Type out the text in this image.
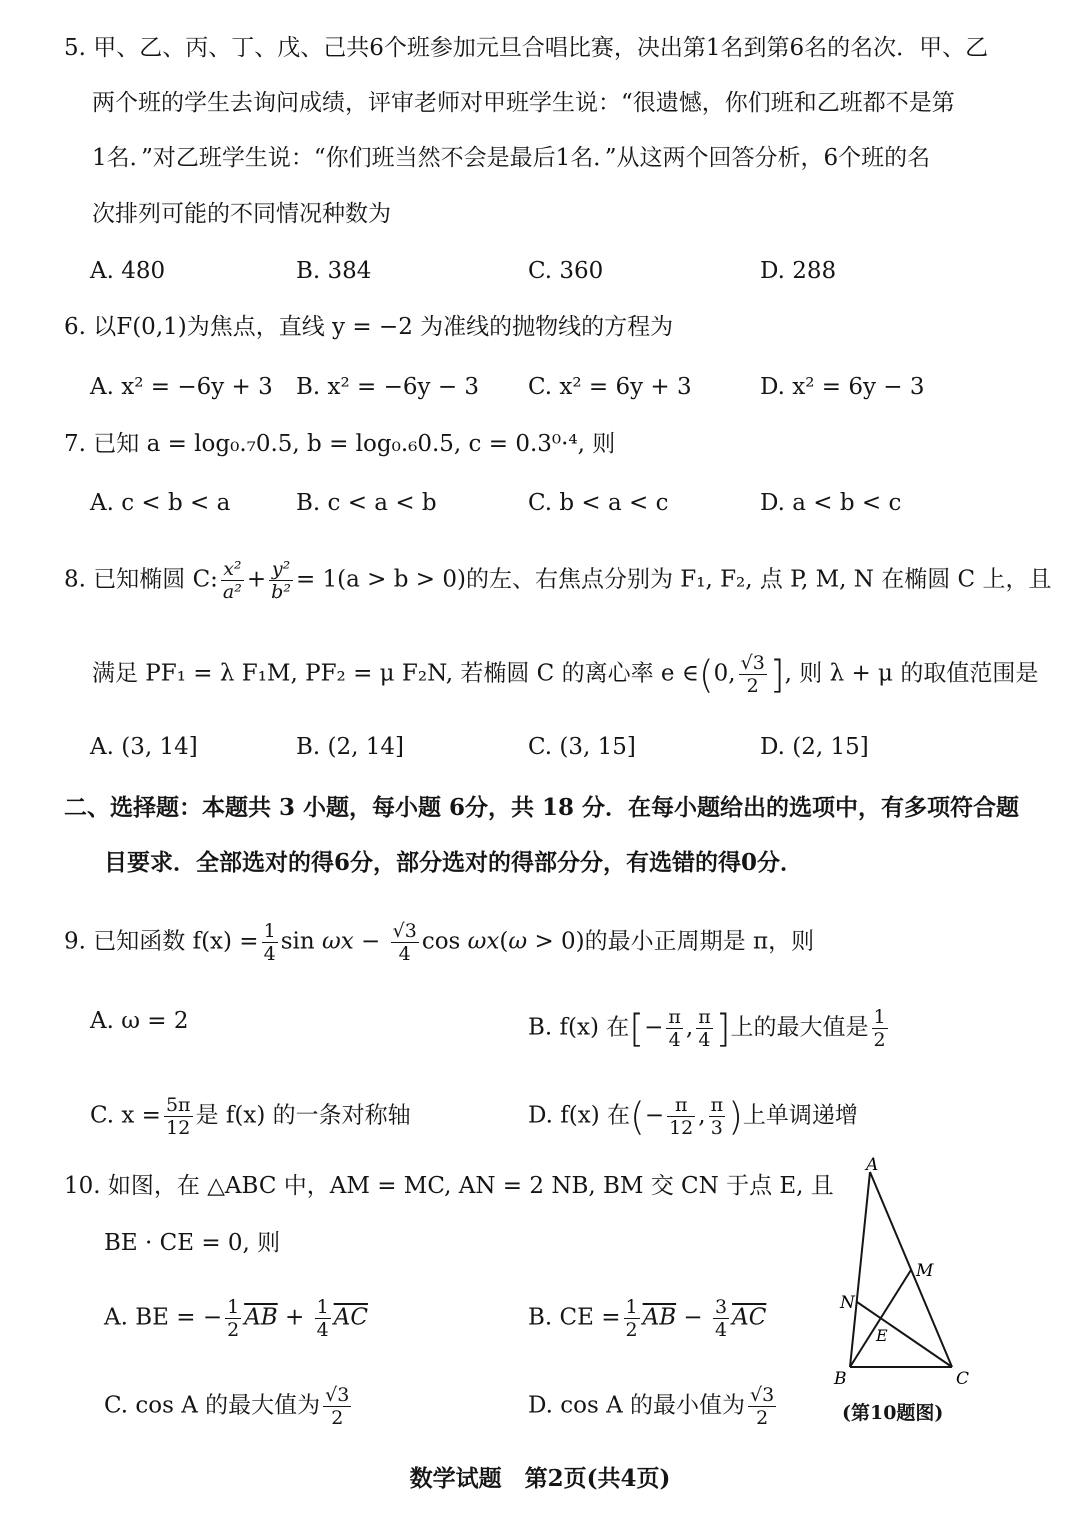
5. 甲、乙、丙、丁、戊、己共6个班参加元旦合唱比赛，决出第1名到第6名的名次．甲、乙
两个班的学生去询问成绩，评审老师对甲班学生说：“很遗憾，你们班和乙班都不是第
1名．”对乙班学生说：“你们班当然不会是最后1名．”从这两个回答分析，6个班的名
次排列可能的不同情况种数为
A. 480	B. 384	C. 360	D. 288
6. 以F(0,1)为焦点，直线 y = −2 为准线的抛物线的方程为
A. x² = −6y + 3 B. x² = −6y − 3 C. x² = 6y + 3	D. x² = 6y − 3
7. 已知 a = log₀.₇0.5, b = log₀.₆0.5, c = 0.3⁰·⁴, 则
A. c < b < a	B. c < a < b	C. b < a < c	D. a < b < c
8. 已知椭圆 C: $\frac{\text{x²}}{\text{a²}} + \frac{\text{y²}}{\text{b²}} = 1(a > b > 0)$的左、右焦点分别为 F₁, F₂, 点 P, M, N 在椭圆 C 上，且
满足 PF₁ = λ F₁M, PF₂ = μ F₂N, 若椭圆 C 的离心率 e ∈(0, $\frac{√3}{2}$ ], 则 λ + μ 的取值范围是
A. (3, 14]	B. (2, 14]	C. (3, 15]	D. (2, 15]
二、选择题：本题共 3 小题，每小题 6分，共 18 分．在每小题给出的选项中，有多项符合题
目要求．全部选对的得6分，部分选对的得部分分，有选错的得0分．
9. 已知函数 $f(x) = \frac{1}{4}$ $\sin \omega x - \frac{√3}{4}$ cos ωx(ω > 0)的最小正周期是 π，则
A. ω = 2	B. f(x) 在[− $\frac{\pi}{4}$ , $\frac{\pi}{4}$ ]上的最大值是 $\frac{1}{2}$
C. $x = \frac{5\pi}{12}$ 是 f(x) 的一条对称轴	D. f(x) 在(− $\frac{\pi}{12}$ , $\frac{\pi}{3}$ )上单调递增
10. 如图，在 △ABC 中，AM = MC, AN = 2 NB, BM 交 CN 于点 E, 且
BE · CE = 0, 则
A. BE = − $\frac{1}{2} \overline{AB} + \frac{1}{4} \overline{AC}$	B. CE = $\frac{1}{2} \overline{AB} - \frac{3}{4} \overline{AC}$
C. cos A 的最大值为 $\frac{√3}{2}$	D. cos A 的最小值为 $\frac{√3}{2}$
A
M
N
E
B	C
(第10题图)
数学试题　第2页(共4页)
